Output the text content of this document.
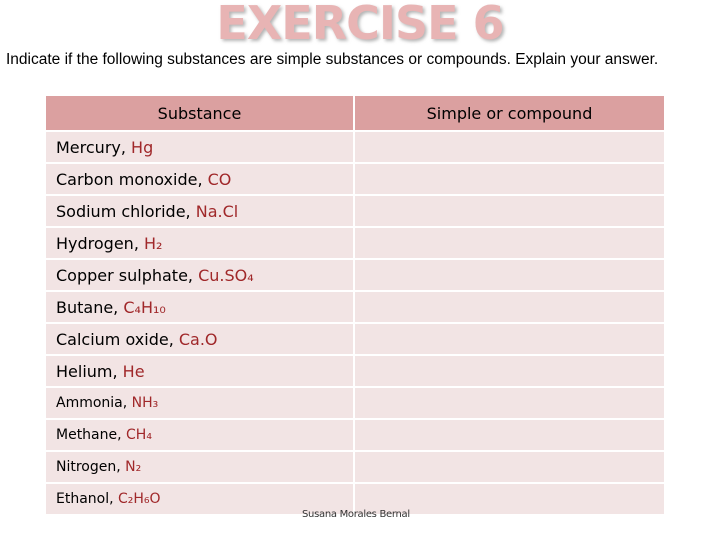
EXERCISE 6
Indicate if the following substances are simple substances or compounds. Explain your answer.
Substance	Simple or compound
Mercury, Hg	
Carbon monoxide, CO	
Sodium chloride, Na.Cl	
Hydrogen, H₂	
Copper sulphate, Cu.SO₄	
Butane, C₄H₁₀	
Calcium oxide, Ca.O	
Helium, He	
Ammonia, NH₃	
Methane, CH₄	
Nitrogen, N₂	
Ethanol, C₂H₆O	
Susana Morales Bernal
